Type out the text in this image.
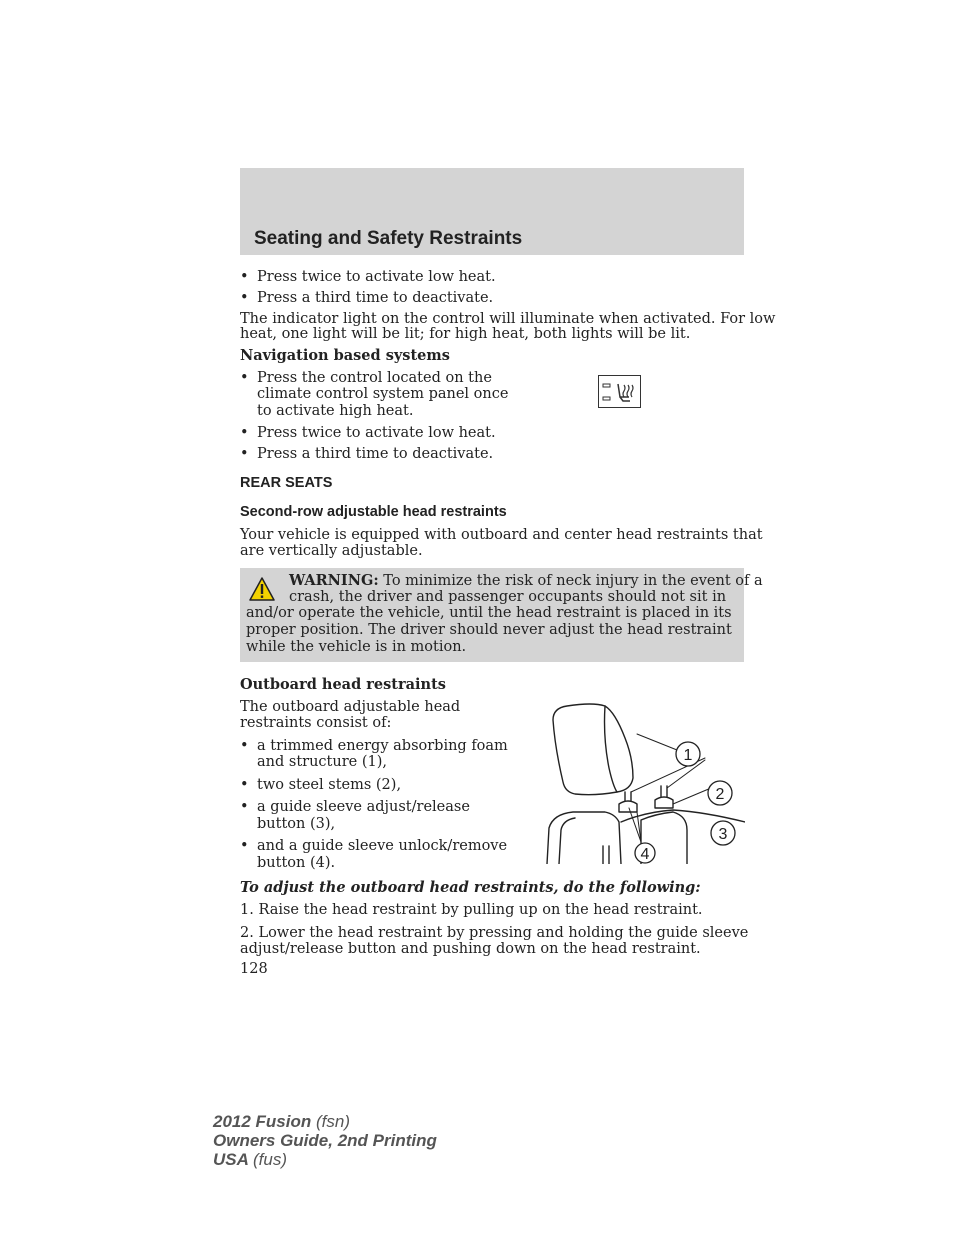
Seating and Safety Restraints
• Press twice to activate low heat.
• Press a third time to deactivate.
The indicator light on the control will illuminate when activated. For low
heat, one light will be lit; for high heat, both lights will be lit.
Navigation based systems
• Press the control located on the
climate control system panel once
to activate high heat.
• Press twice to activate low heat.
• Press a third time to deactivate.
REAR SEATS
Second-row adjustable head restraints
Your vehicle is equipped with outboard and center head restraints that
are vertically adjustable.
WARNING: To minimize the risk of neck injury in the event of a
crash, the driver and passenger occupants should not sit in
and/or operate the vehicle, until the head restraint is placed in its
proper position. The driver should never adjust the head restraint
while the vehicle is in motion.
Outboard head restraints
The outboard adjustable head
restraints consist of:
• a trimmed energy absorbing foam
and structure (1),
• two steel stems (2),
• a guide sleeve adjust/release
button (3),
• and a guide sleeve unlock/remove
button (4).
1
2
3
4
To adjust the outboard head restraints, do the following:
1. Raise the head restraint by pulling up on the head restraint.
2. Lower the head restraint by pressing and holding the guide sleeve
adjust/release button and pushing down on the head restraint.
128
2012 Fusion (fsn)
Owners Guide, 2nd Printing
USA (fus)
